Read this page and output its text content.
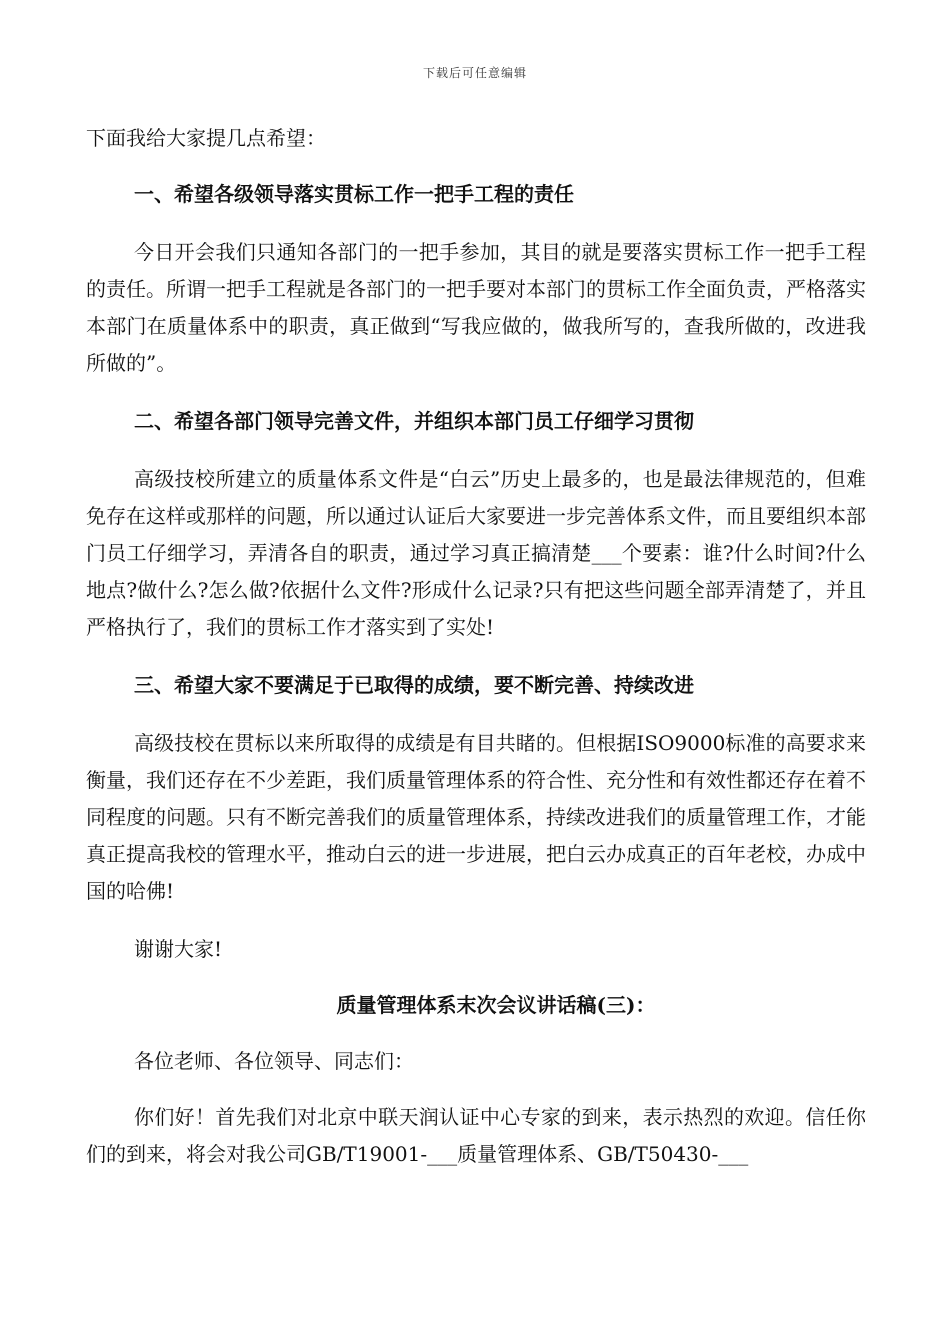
下载后可任意编辑

下面我给大家提几点希望：

一、希望各级领导落实贯标工作一把手工程的责任

今日开会我们只通知各部门的一把手参加，其目的就是要落实贯标工作一把手工程的责任。所谓一把手工程就是各部门的一把手要对本部门的贯标工作全面负责，严格落实本部门在质量体系中的职责，真正做到“写我应做的，做我所写的，查我所做的，改进我所做的”。

二、希望各部门领导完善文件，并组织本部门员工仔细学习贯彻

高级技校所建立的质量体系文件是“白云”历史上最多的，也是最法律规范的，但难免存在这样或那样的问题，所以通过认证后大家要进一步完善体系文件，而且要组织本部门员工仔细学习，弄清各自的职责，通过学习真正搞清楚___个要素：谁?什么时间?什么地点?做什么?怎么做?依据什么文件?形成什么记录?只有把这些问题全部弄清楚了，并且严格执行了，我们的贯标工作才落实到了实处!

三、希望大家不要满足于已取得的成绩，要不断完善、持续改进

高级技校在贯标以来所取得的成绩是有目共睹的。但根据ISO9000标准的高要求来衡量，我们还存在不少差距，我们质量管理体系的符合性、充分性和有效性都还存在着不同程度的问题。只有不断完善我们的质量管理体系，持续改进我们的质量管理工作，才能真正提高我校的管理水平，推动白云的进一步进展，把白云办成真正的百年老校，办成中国的哈佛!

谢谢大家!

质量管理体系末次会议讲话稿(三)：

各位老师、各位领导、同志们：

你们好！首先我们对北京中联天润认证中心专家的到来，表示热烈的欢迎。信任你们的到来，将会对我公司GB/T19001-___质量管理体系、GB/T50430-___
